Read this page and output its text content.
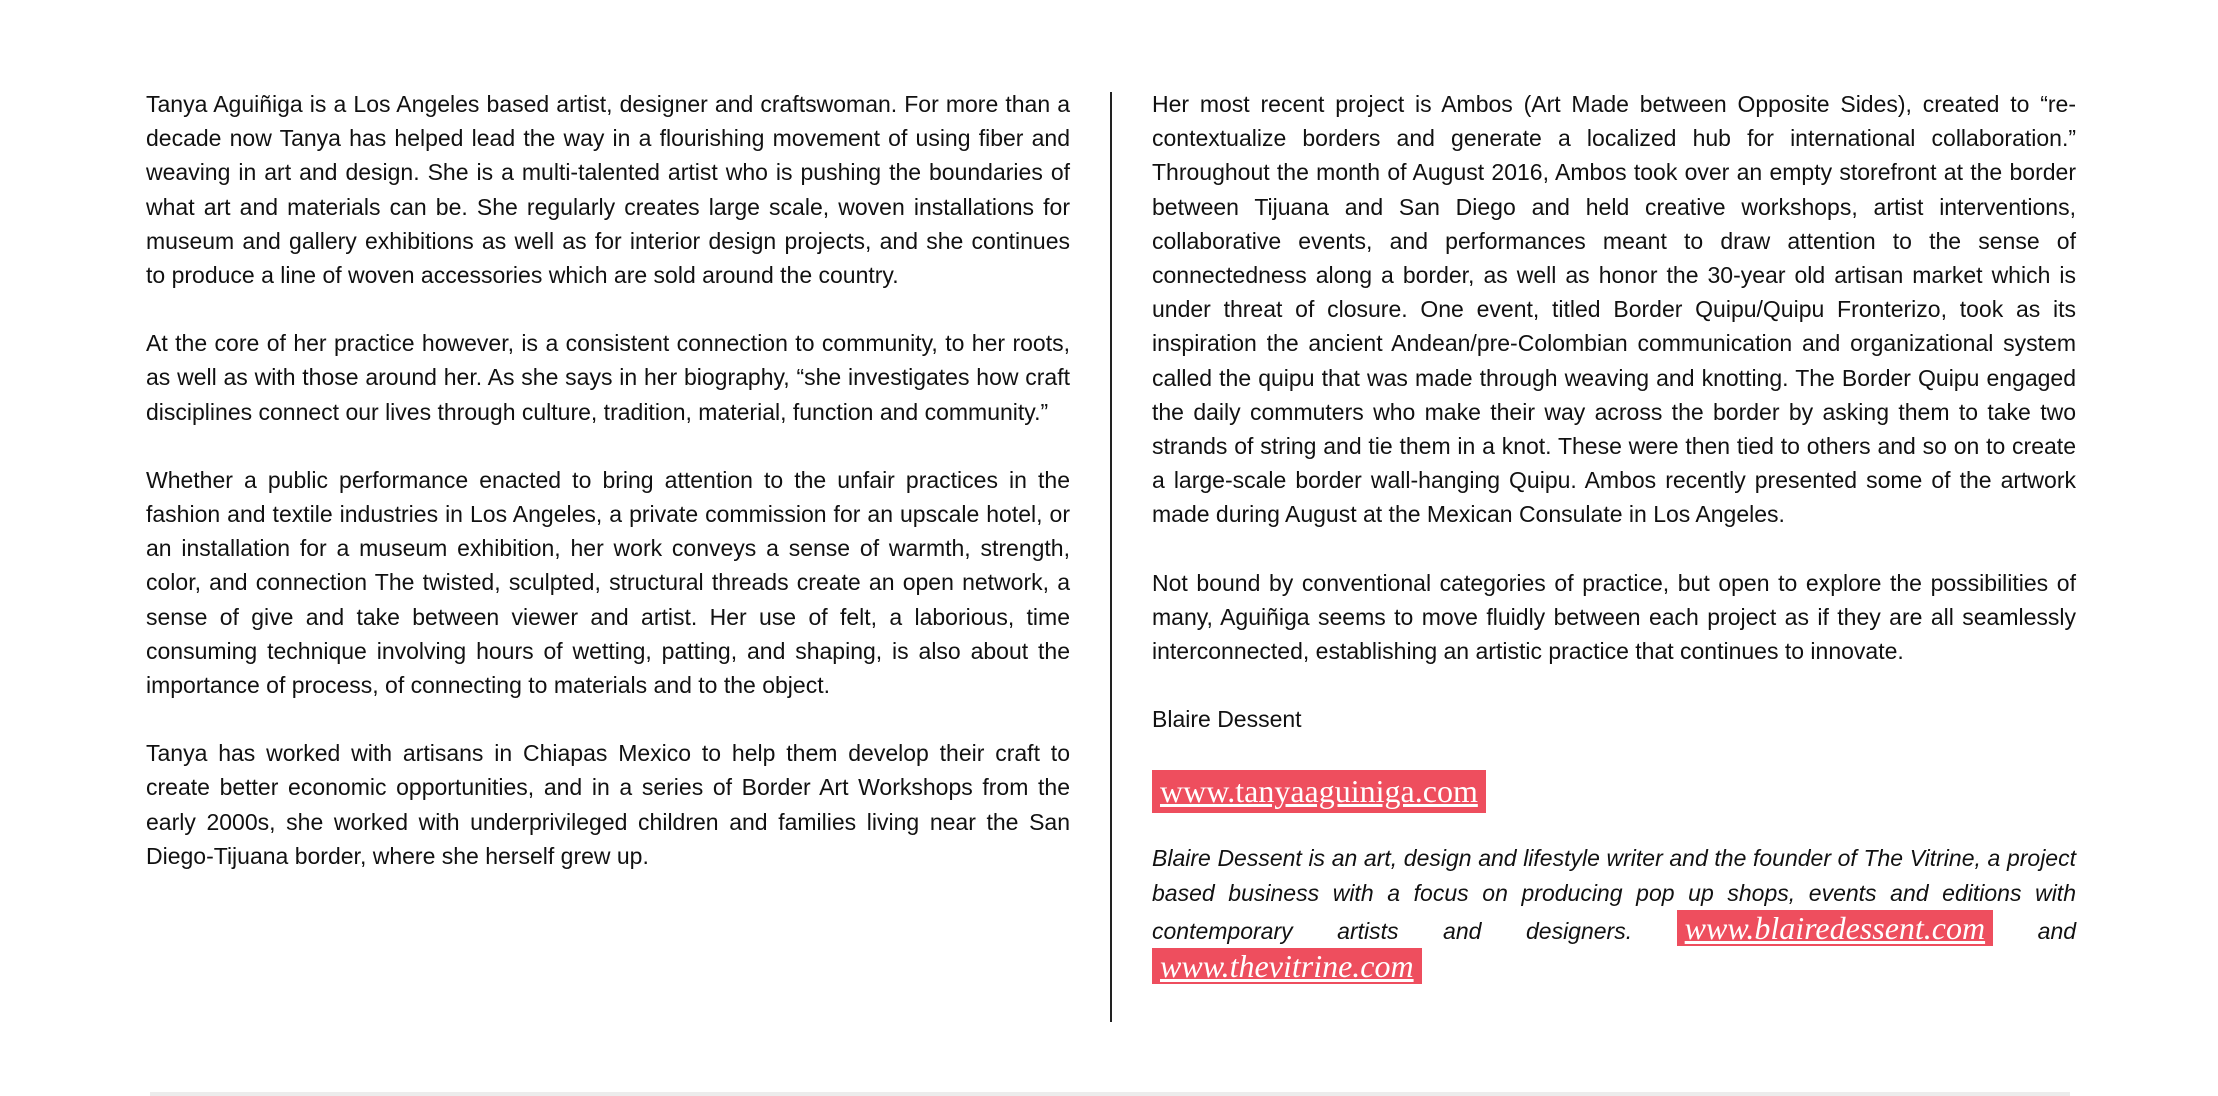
Tanya Aguiñiga is a Los Angeles based artist, designer and craftswoman. For more than a decade now Tanya has helped lead the way in a flourishing movement of using fiber and weaving in art and design. She is a multi-talented artist who is pushing the boundaries of what art and materials can be. She regularly creates large scale, woven installations for museum and gallery exhibitions as well as for interior design projects, and she continues to produce a line of woven accessories which are sold around the country.

At the core of her practice however, is a consistent connection to community, to her roots, as well as with those around her. As she says in her biography, “she investigates how craft disciplines connect our lives through culture, tradition, material, function and community.”

Whether a public performance enacted to bring attention to the unfair practices in the fashion and textile industries in Los Angeles, a private commission for an upscale hotel, or an installation for a museum exhibition, her work conveys a sense of warmth, strength, color, and connection The twisted, sculpted, structural threads create an open network, a sense of give and take between viewer and artist. Her use of felt, a laborious, time consuming technique involving hours of wetting, patting, and shaping, is also about the importance of process, of connecting to materials and to the object.

Tanya has worked with artisans in Chiapas Mexico to help them develop their craft to create better economic opportunities, and in a series of Border Art Workshops from the early 2000s, she worked with underprivileged children and families living near the San Diego-Tijuana border, where she herself grew up.

Her most recent project is Ambos (Art Made between Opposite Sides), created to “re-contextualize borders and generate a localized hub for international collaboration.” Throughout the month of August 2016, Ambos took over an empty storefront at the border between Tijuana and San Diego and held creative workshops, artist interventions, collaborative events, and performances meant to draw attention to the sense of connectedness along a border, as well as honor the 30-year old artisan market which is under threat of closure. One event, titled Border Quipu/Quipu Fronterizo, took as its inspiration the ancient Andean/pre-Colombian communication and organizational system called the quipu that was made through weaving and knotting. The Border Quipu engaged the daily commuters who make their way across the border by asking them to take two strands of string and tie them in a knot. These were then tied to others and so on to create a large-scale border wall-hanging Quipu. Ambos recently presented some of the artwork made during August at the Mexican Consulate in Los Angeles.

Not bound by conventional categories of practice, but open to explore the possibilities of many, Aguiñiga seems to move fluidly between each project as if they are all seamlessly interconnected, establishing an artistic practice that continues to innovate.

Blaire Dessent

www.tanyaaguiniga.com

Blaire Dessent is an art, design and lifestyle writer and the founder of The Vitrine, a project based business with a focus on producing pop up shops, events and editions with contemporary artists and designers. www.blairedessent.com and www.thevitrine.com
